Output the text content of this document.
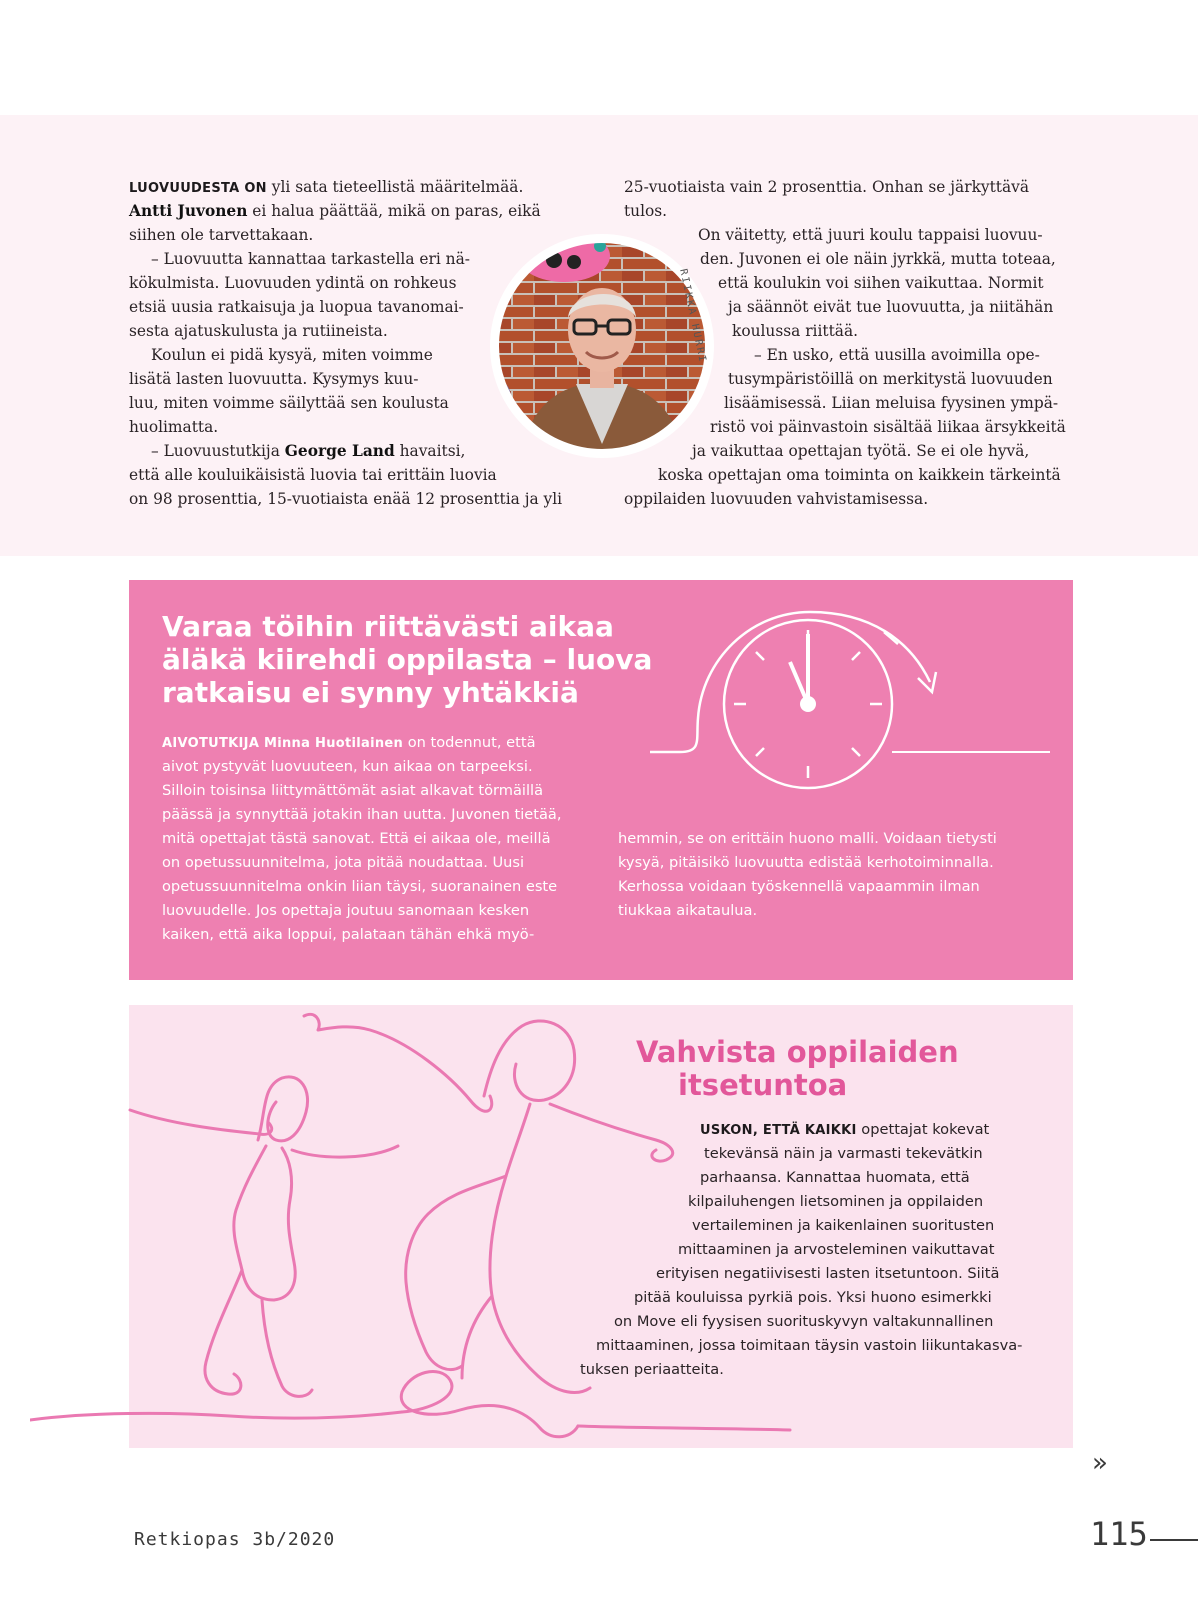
LUOVUUDESTA ON yli sata tieteellistä määritelmää.
Antti Juvonen ei halua päättää, mikä on paras, eikä
siihen ole tarvettakaan.
– Luovuutta kannattaa tarkastella eri nä-
kökulmista. Luovuuden ydintä on rohkeus
etsiä uusia ratkaisuja ja luopua tavanomai-
sesta ajatuskulusta ja rutiineista.
Koulun ei pidä kysyä, miten voimme
lisätä lasten luovuutta. Kysymys kuu-
luu, miten voimme säilyttää sen koulusta
huolimatta.
– Luovuustutkija George Land havaitsi,
että alle kouluikäisistä luovia tai erittäin luovia
on 98 prosenttia, 15-vuotiaista enää 12 prosenttia ja yli
25-vuotiaista vain 2 prosenttia. Onhan se järkyttävä
tulos.
On väitetty, että juuri koulu tappaisi luovuu-
den. Juvonen ei ole näin jyrkkä, mutta toteaa,
että koulukin voi siihen vaikuttaa. Normit
ja säännöt eivät tue luovuutta, ja niitähän
koulussa riittää.
– En usko, että uusilla avoimilla ope-
tusympäristöillä on merkitystä luovuuden
lisäämisessä. Liian meluisa fyysinen ympä-
ristö voi päinvastoin sisältää liikaa ärsykkeitä
ja vaikuttaa opettajan työtä. Se ei ole hyvä,
koska opettajan oma toiminta on kaikkein tärkeintä
oppilaiden luovuuden vahvistamisessa.
RIIKKA HURRI
Varaa töihin riittävästi aikaa äläkä kiirehdi oppilasta – luova ratkaisu ei synny yhtäkkiä
AIVOTUTKIJA Minna Huotilainen on todennut, että
aivot pystyvät luovuuteen, kun aikaa on tarpeeksi.
Silloin toisinsa liittymättömät asiat alkavat törmäillä
päässä ja synnyttää jotakin ihan uutta. Juvonen tietää,
mitä opettajat tästä sanovat. Että ei aikaa ole, meillä
on opetussuunnitelma, jota pitää noudattaa. Uusi
opetussuunnitelma onkin liian täysi, suoranainen este
luovuudelle. Jos opettaja joutuu sanomaan kesken
kaiken, että aika loppui, palataan tähän ehkä myö-
hemmin, se on erittäin huono malli. Voidaan tietysti
kysyä, pitäisikö luovuutta edistää kerhotoiminnalla.
Kerhossa voidaan työskennellä vapaammin ilman
tiukkaa aikataulua.
Vahvista oppilaiden
itsetuntoa
USKON, ETTÄ KAIKKI opettajat kokevat
tekevänsä näin ja varmasti tekevätkin
parhaansa. Kannattaa huomata, että
kilpailuhengen lietsominen ja oppilaiden
vertaileminen ja kaikenlainen suoritusten
mittaaminen ja arvosteleminen vaikuttavat
erityisen negatiivisesti lasten itsetuntoon. Siitä
pitää kouluissa pyrkiä pois. Yksi huono esimerkki
on Move eli fyysisen suorituskyvyn valtakunnallinen
mittaaminen, jossa toimitaan täysin vastoin liikuntakasva-
tuksen periaatteita.
»
Retkiopas 3b/2020	115
